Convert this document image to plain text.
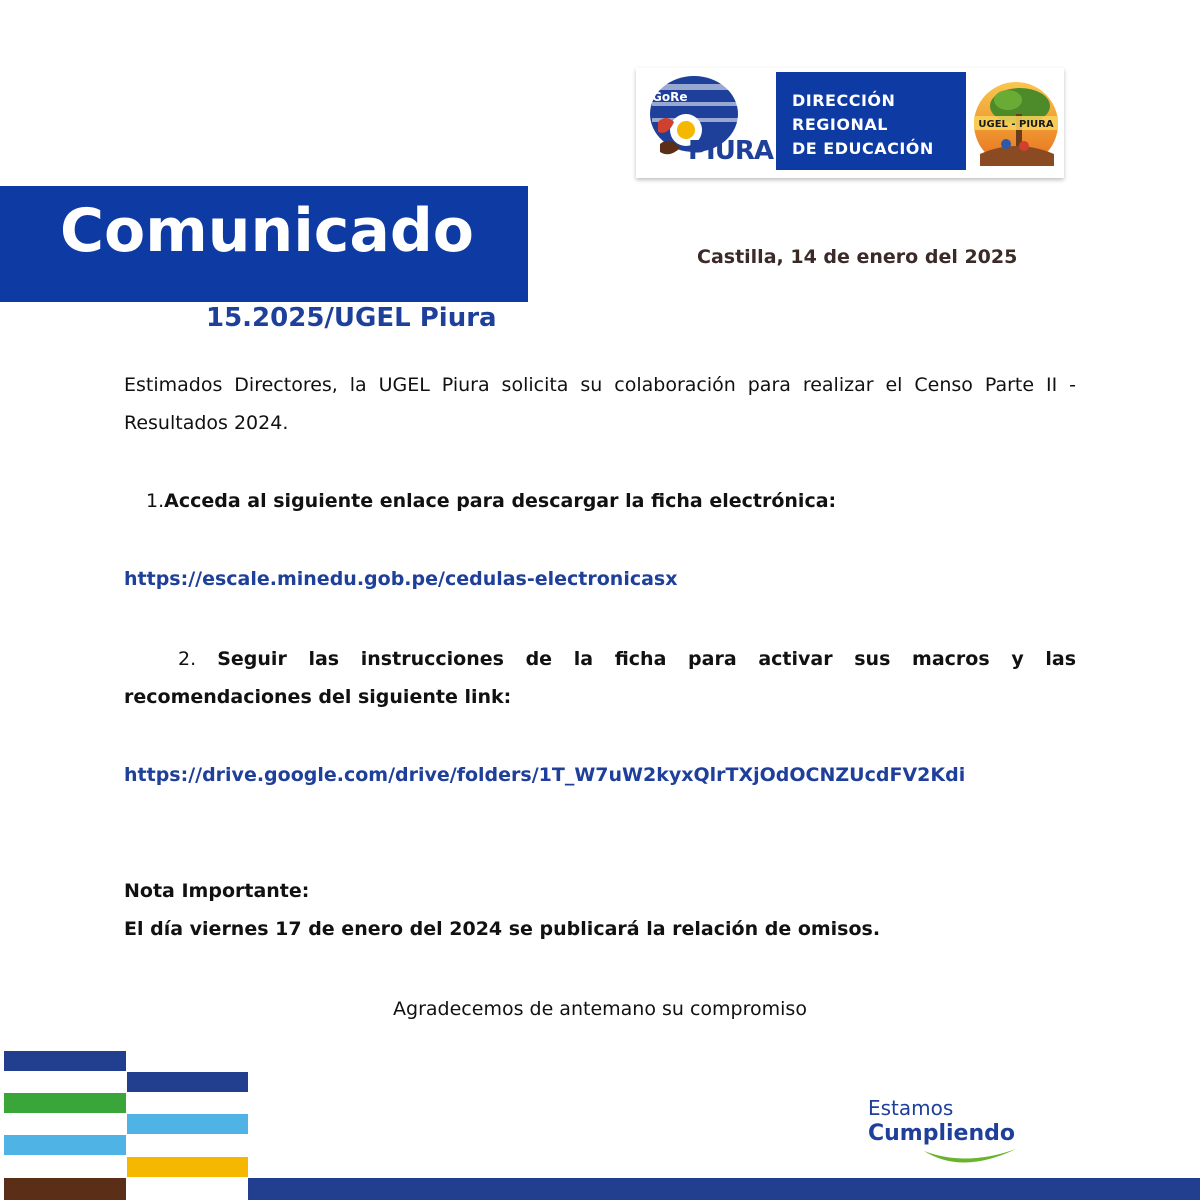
GoRe
PIURA
DIRECCIÓN
REGIONAL
DE EDUCACIÓN
UGEL - PIURA
Comunicado
15.2025/UGEL Piura
Castilla, 14 de enero del 2025
Estimados Directores, la UGEL Piura solicita su colaboración para realizar el Censo Parte II - Resultados 2024.
1.Acceda al siguiente enlace para descargar la ficha electrónica:
https://escale.minedu.gob.pe/cedulas-electronicasx
2. Seguir las instrucciones de la ficha para activar sus macros y las recomendaciones del siguiente link:
https://drive.google.com/drive/folders/1T_W7uW2kyxQlrTXjOdOCNZUcdFV2Kdi
Nota Importante:
El día viernes 17 de enero del 2024 se publicará la relación de omisos.
Agradecemos de antemano su compromiso
Estamos
Cumpliendo
